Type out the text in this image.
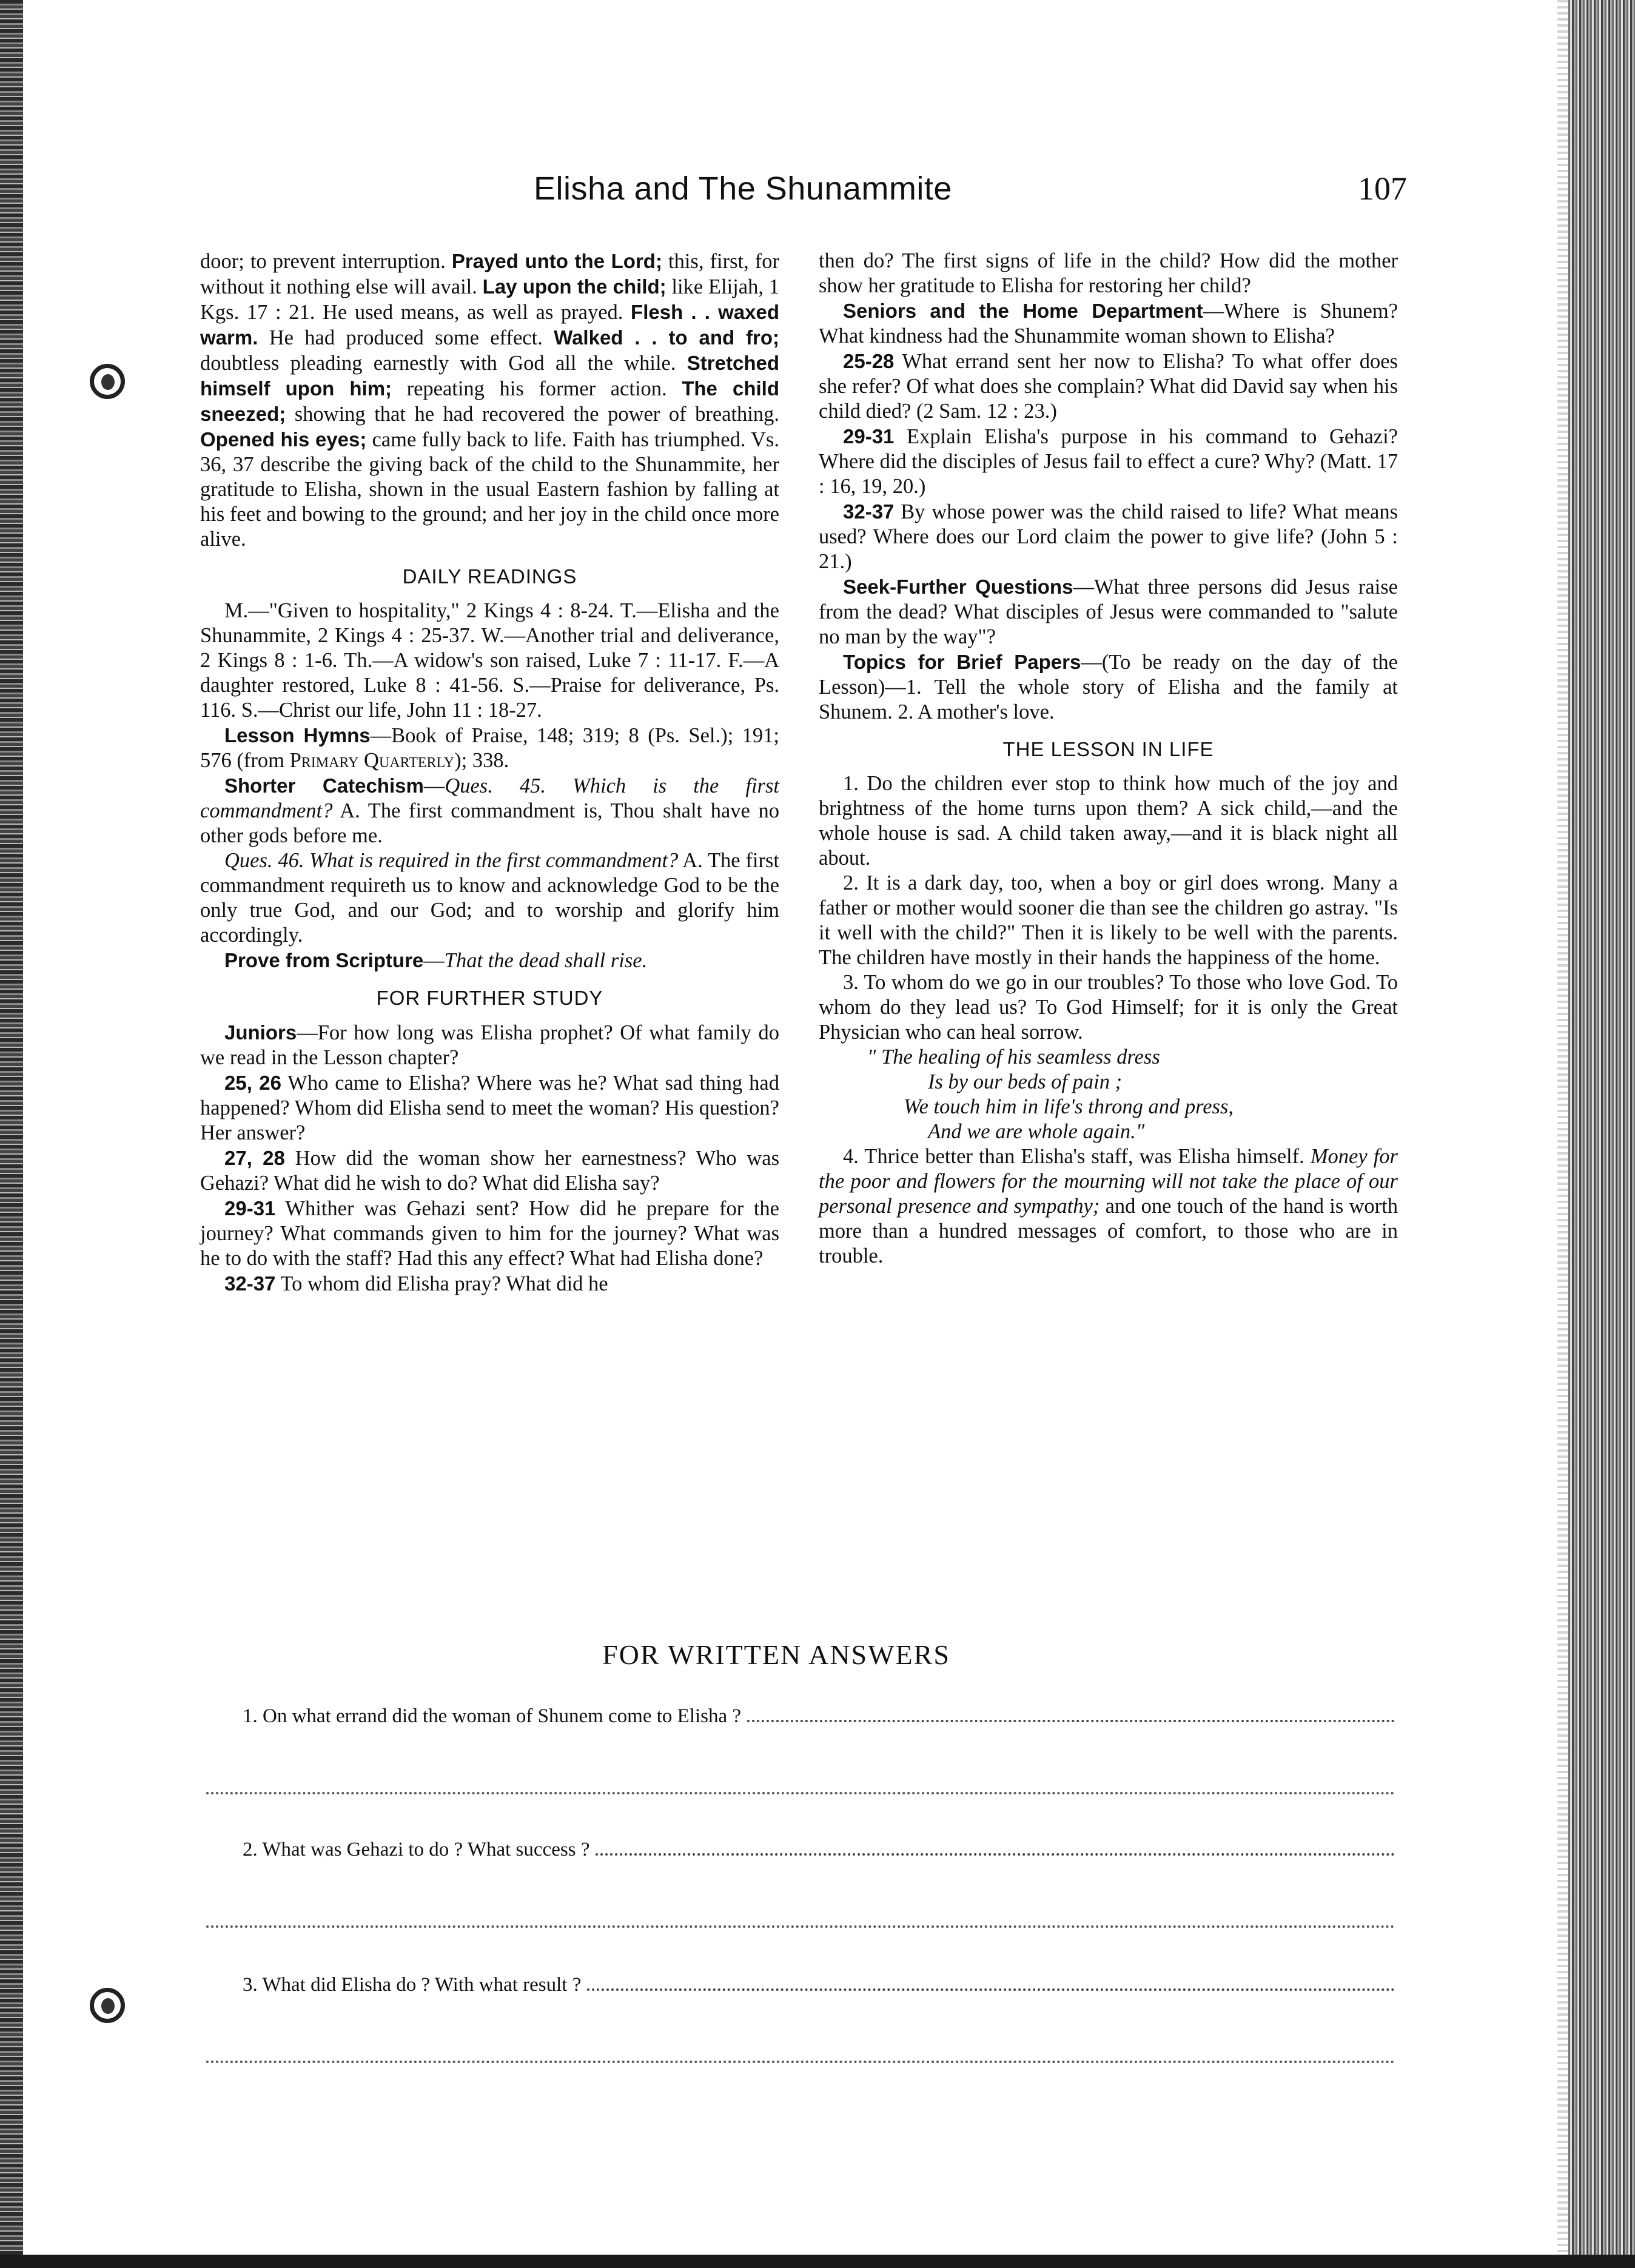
Elisha and The Shunammite	107

door; to prevent interruption. Prayed unto the Lord; this, first, for without it nothing else will avail. Lay upon the child; like Elijah, 1 Kgs. 17 : 21. He used means, as well as prayed. Flesh . . waxed warm. He had produced some effect. Walked . . to and fro; doubtless pleading earnestly with God all the while. Stretched himself upon him; repeating his former action. The child sneezed; showing that he had recovered the power of breathing. Opened his eyes; came fully back to life. Faith has triumphed. Vs. 36, 37 describe the giving back of the child to the Shunammite, her gratitude to Elisha, shown in the usual Eastern fashion by falling at his feet and bowing to the ground; and her joy in the child once more alive.

DAILY READINGS

M.—"Given to hospitality," 2 Kings 4 : 8-24. T.—Elisha and the Shunammite, 2 Kings 4 : 25-37. W.—Another trial and deliverance, 2 Kings 8 : 1-6. Th.—A widow's son raised, Luke 7 : 11-17. F.—A daughter restored, Luke 8 : 41-56. S.—Praise for deliverance, Ps. 116. S.—Christ our life, John 11 : 18-27.

Lesson Hymns—Book of Praise, 148; 319; 8 (Ps. Sel.); 191; 576 (from Primary Quarterly); 338.

Shorter Catechism—Ques. 45. Which is the first commandment? A. The first commandment is, Thou shalt have no other gods before me.

Ques. 46. What is required in the first commandment? A. The first commandment requireth us to know and acknowledge God to be the only true God, and our God; and to worship and glorify him accordingly.

Prove from Scripture—That the dead shall rise.

FOR FURTHER STUDY

Juniors—For how long was Elisha prophet? Of what family do we read in the Lesson chapter?

25, 26 Who came to Elisha? Where was he? What sad thing had happened? Whom did Elisha send to meet the woman? His question? Her answer?

27, 28 How did the woman show her earnestness? Who was Gehazi? What did he wish to do? What did Elisha say?

29-31 Whither was Gehazi sent? How did he prepare for the journey? What commands given to him for the journey? What was he to do with the staff? Had this any effect? What had Elisha done?

32-37 To whom did Elisha pray? What did he

then do? The first signs of life in the child? How did the mother show her gratitude to Elisha for restoring her child?

Seniors and the Home Department—Where is Shunem? What kindness had the Shunammite woman shown to Elisha?

25-28 What errand sent her now to Elisha? To what offer does she refer? Of what does she complain? What did David say when his child died? (2 Sam. 12 : 23.)

29-31 Explain Elisha's purpose in his command to Gehazi? Where did the disciples of Jesus fail to effect a cure? Why? (Matt. 17 : 16, 19, 20.)

32-37 By whose power was the child raised to life? What means used? Where does our Lord claim the power to give life? (John 5 : 21.)

Seek-Further Questions—What three persons did Jesus raise from the dead? What disciples of Jesus were commanded to "salute no man by the way"?

Topics for Brief Papers—(To be ready on the day of the Lesson)—1. Tell the whole story of Elisha and the family at Shunem. 2. A mother's love.

THE LESSON IN LIFE

1. Do the children ever stop to think how much of the joy and brightness of the home turns upon them? A sick child,—and the whole house is sad. A child taken away,—and it is black night all about.

2. It is a dark day, too, when a boy or girl does wrong. Many a father or mother would sooner die than see the children go astray. "Is it well with the child?" Then it is likely to be well with the parents. The children have mostly in their hands the happiness of the home.

3. To whom do we go in our troubles? To those who love God. To whom do they lead us? To God Himself; for it is only the Great Physician who can heal sorrow.

" The healing of his seamless dress
Is by our beds of pain ;
We touch him in life's throng and press,
And we are whole again."

4. Thrice better than Elisha's staff, was Elisha himself. Money for the poor and flowers for the mourning will not take the place of our personal presence and sympathy; and one touch of the hand is worth more than a hundred messages of comfort, to those who are in trouble.

FOR WRITTEN ANSWERS
1. On what errand did the woman of Shunem come to Elisha ?
2. What was Gehazi to do ? What success ?
3. What did Elisha do ? With what result ?
